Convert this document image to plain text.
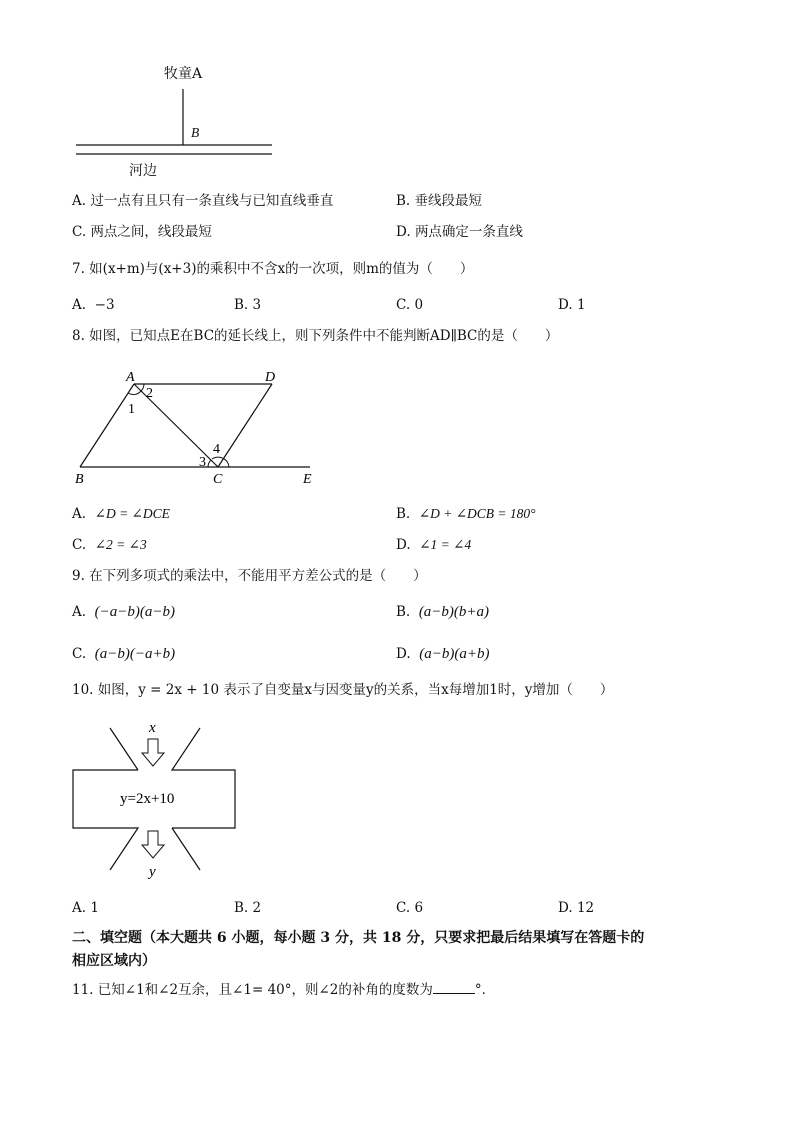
牧童A
B
河边
A. 过一点有且只有一条直线与已知直线垂直	B. 垂线段最短
C. 两点之间，线段最短	D. 两点确定一条直线
7. 如(x+m)与(x+3)的乘积中不含x的一次项，则m的值为（　　）
A. −3	B. 3	C. 0	D. 1
8. 如图，已知点E在BC的延长线上，则下列条件中不能判断AD∥BC的是（　　）
A	D
B	C	E
1
2
3
4
A. ∠D = ∠DCE	B. ∠D + ∠DCB = 180°
C. ∠2 = ∠3	D. ∠1 = ∠4
9. 在下列多项式的乘法中，不能用平方差公式的是（　　）
A. (−a−b)(a−b)	B. (a−b)(b+a)
C. (a−b)(−a+b)	D. (a−b)(a+b)
10. 如图，y = 2x + 10 表示了自变量x与因变量y的关系，当x每增加1时，y增加（　　）
x
y
y=2x+10
A. 1	B. 2	C. 6	D. 12
二、填空题（本大题共 6 小题，每小题 3 分，共 18 分，只要求把最后结果填写在答题卡的
相应区域内）
11. 已知∠1和∠2互余，且∠1= 40°，则∠2的补角的度数为	°．
